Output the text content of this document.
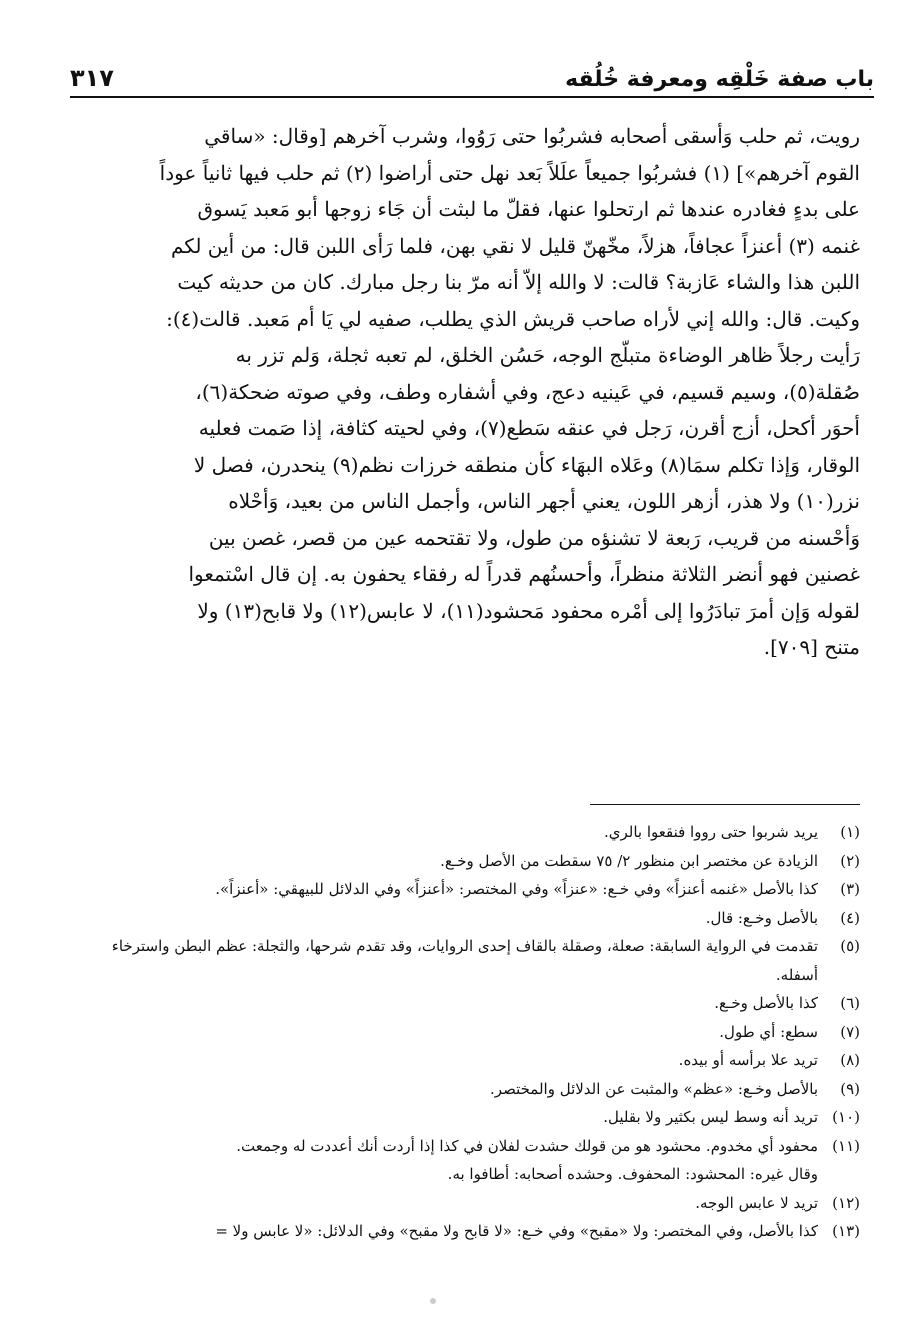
باب صفة خَلْقِه ومعرفة خُلُقه
٣١٧
رويت، ثم حلب وَأسقى أصحابه فشربُوا حتى رَوُوا، وشرب آخرهم [وقال: «ساقي
القوم آخرهم»] (١) فشربُوا جميعاً علَلاً بَعد نهل حتى أراضوا (٢) ثم حلب فيها ثانياً عوداً
على بدءٍ فغادره عندها ثم ارتحلوا عنها، فقلّ ما لبثت أن جَاء زوجها أبو مَعبد يَسوق
غنمه (٣) أعنزاً عجافاً، هزلاً، مخّهنّ قليل لا نقي بهن، فلما رَأى اللبن قال: من أين لكم
اللبن هذا والشاء عَازبة؟ قالت: لا والله إلاّ أنه مرّ بنا رجل مبارك. كان من حديثه كيت
وكيت. قال: والله إني لأراه صاحب قريش الذي يطلب، صفيه لي يَا أم مَعبد. قالت(٤):
رَأيت رجلاً ظاهر الوضاءة متبلّج الوجه، حَسُن الخلق، لم تعبه ثجلة، وَلم تزر به
صُقلة(٥)، وسيم قسيم، في عَينيه دعج، وفي أشفاره وطف، وفي صوته ضحكة(٦)،
أحوَر أكحل، أزج أقرن، رَجل في عنقه سَطع(٧)، وفي لحيته كثافة، إذا صَمت فعليه
الوقار، وَإذا تكلم سمَا(٨) وعَلاه البهَاء كأن منطقه خرزات نظم(٩) ينحدرن، فصل لا
نزر(١٠) ولا هذر، أزهر اللون، يعني أجهر الناس، وأجمل الناس من بعيد، وَأحْلاه
وَأحْسنه من قريب، رَبعة لا تشنؤه من طول، ولا تقتحمه عين من قصر، غصن بين
غصنين فهو أنضر الثلاثة منظراً، وأحسنُهم قدراً له رفقاء يحفون به. إن قال اسْتمعوا
لقوله وَإن أمرَ تبادَرُوا إلى أمْره محفود مَحشود(١١)، لا عابس(١٢) ولا قابح(١٣) ولا
متنح [٧٠٩].
(١)
يريد شربوا حتى رووا فنقعوا بالري.
(٢)
الزيادة عن مختصر ابن منظور ٢/ ٧٥ سقطت من الأصل وخـع.
(٣)
كذا بالأصل «غنمه أعنزاً» وفي خـع: «عنزاً» وفي المختصر: «أعنزاً» وفي الدلائل للبيهقي: «أعنزاً».
(٤)
بالأصل وخـع: قال.
(٥)
تقدمت في الرواية السابقة: صعلة، وصقلة بالقاف إحدى الروايات، وقد تقدم شرحها، والثجلة: عظم البطن واسترخاء أسفله.
(٦)
كذا بالأصل وخـع.
(٧)
سطع: أي طول.
(٨)
تريد علا برأسه أو بيده.
(٩)
بالأصل وخـع: «عظم» والمثبت عن الدلائل والمختصر.
(١٠)
تريد أنه وسط ليس بكثير ولا بقليل.
(١١)
محفود أي مخدوم. محشود هو من قولك حشدت لفلان في كذا إذا أردت أنك أعددت له وجمعت.
وقال غيره: المحشود: المحفوف. وحشده أصحابه: أطافوا به.
(١٢)
تريد لا عابس الوجه.
(١٣)
كذا بالأصل، وفي المختصر: ولا «مقبح» وفي خـع: «لا قابح ولا مقبح» وفي الدلائل: «لا عابس ولا =
